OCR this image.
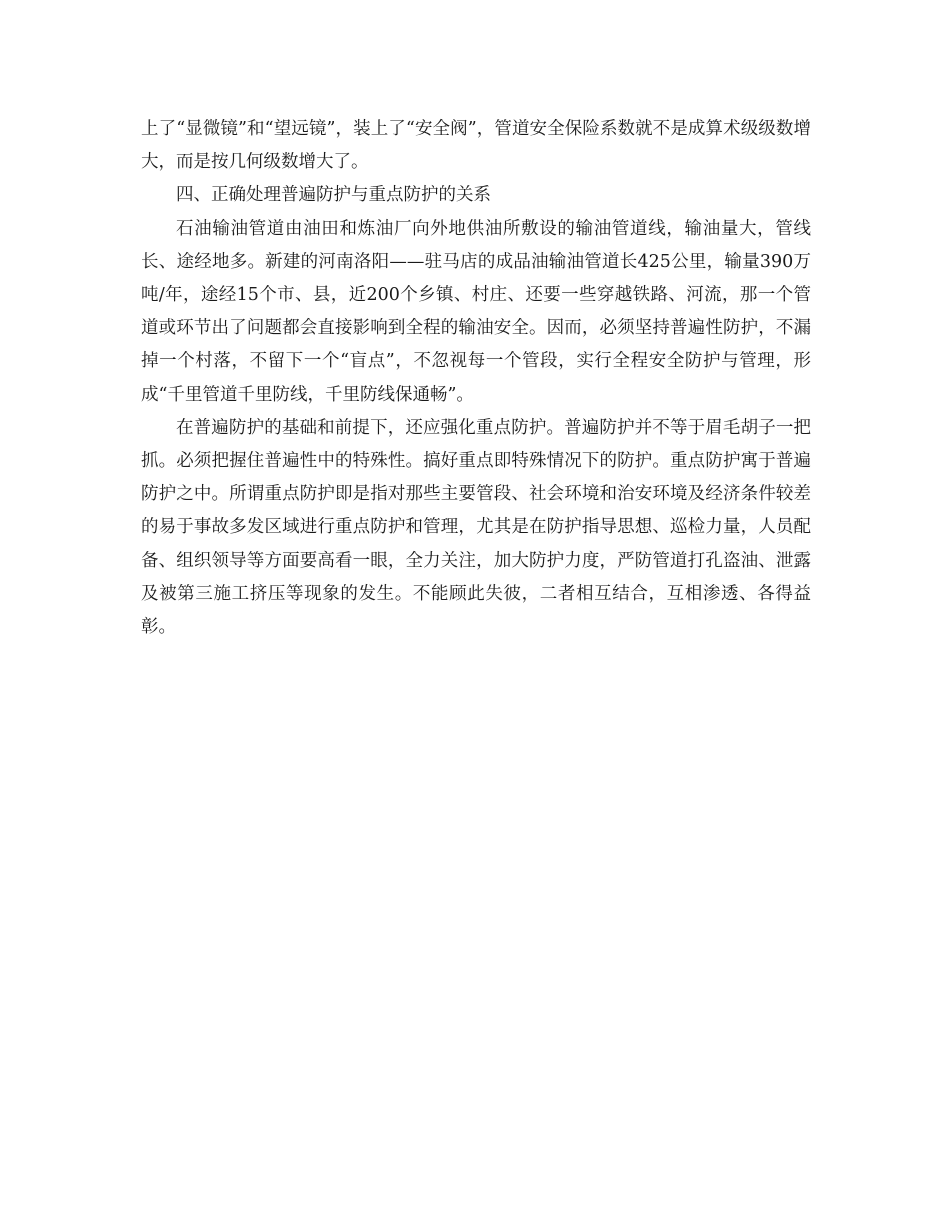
上了“显微镜”和“望远镜”，装上了“安全阀”，管道安全保险系数就不是成算术级级数增大，而是按几何级数增大了。

四、正确处理普遍防护与重点防护的关系

石油输油管道由油田和炼油厂向外地供油所敷设的输油管道线，输油量大，管线长、途经地多。新建的河南洛阳——驻马店的成品油输油管道长425公里，输量390万吨/年，途经15个市、县，近200个乡镇、村庄、还要一些穿越铁路、河流，那一个管道或环节出了问题都会直接影响到全程的输油安全。因而，必须坚持普遍性防护，不漏掉一个村落，不留下一个“盲点”，不忽视每一个管段，实行全程安全防护与管理，形成“千里管道千里防线，千里防线保通畅”。

在普遍防护的基础和前提下，还应强化重点防护。普遍防护并不等于眉毛胡子一把抓。必须把握住普遍性中的特殊性。搞好重点即特殊情况下的防护。重点防护寓于普遍防护之中。所谓重点防护即是指对那些主要管段、社会环境和治安环境及经济条件较差的易于事故多发区域进行重点防护和管理，尤其是在防护指导思想、巡检力量，人员配备、组织领导等方面要高看一眼，全力关注，加大防护力度，严防管道打孔盗油、泄露及被第三施工挤压等现象的发生。不能顾此失彼，二者相互结合，互相渗透、各得益彰。
